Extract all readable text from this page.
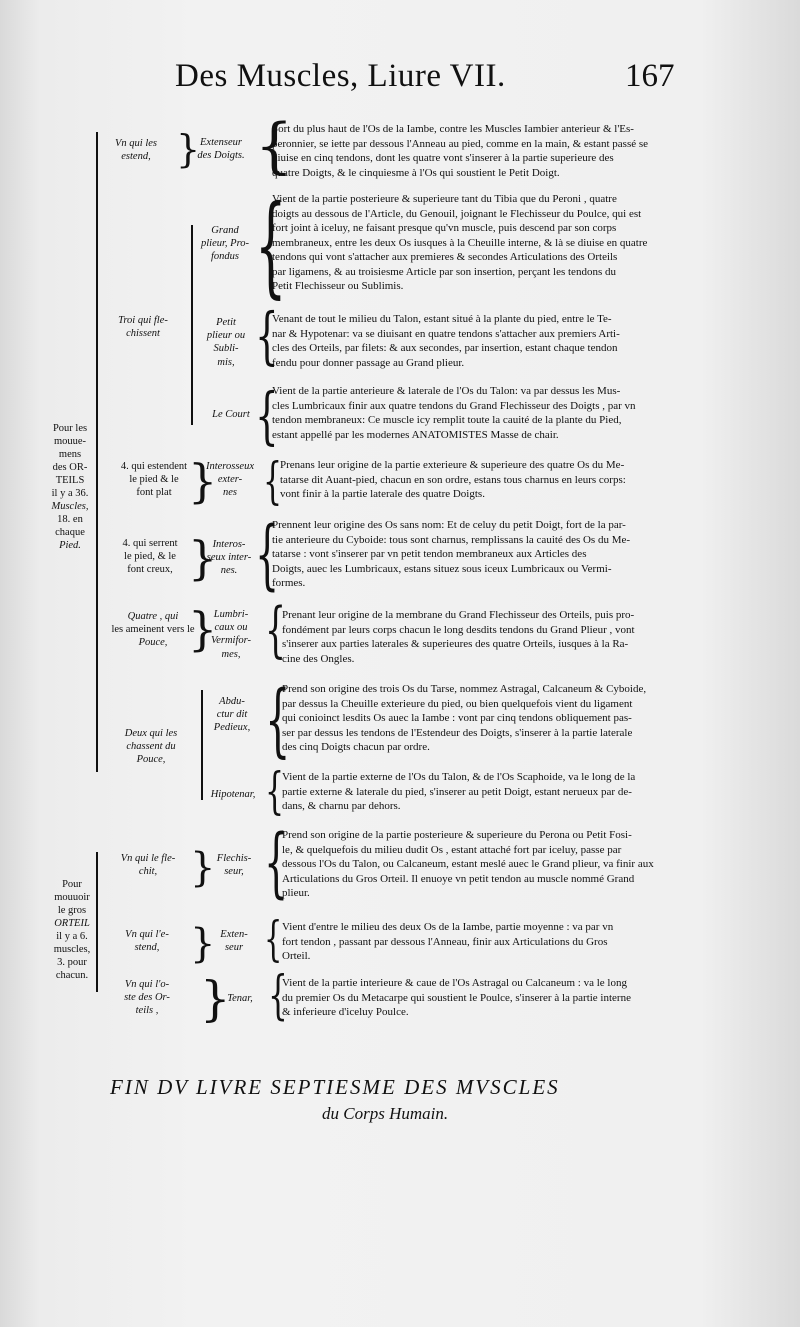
Des Muscles, Liure VII.	167
Pour les
mouue-
mens
des OR-
TEILS
il y a 36.
Muscles,
18. en
chaque
Pied.
Pour
mouuoir
le gros
ORTEIL
il y a 6.
muscles,
3. pour
chacun.
Vn qui les
estend,
Troi qui fle-
chissent
4. qui estendent
le pied & le
font plat
4. qui serrent
le pied, & le
font creux,
Quatre , qui
les ameinent vers le
Pouce,
Deux qui les
chassent du
Pouce,
Vn qui le fle-
chit,
Vn qui l'e-
stend,
Vn qui l'o-
ste des Or-
teils ,
Extenseur
des Doigts.
Grand
plieur, Pro-
fondus
Petit
plieur ou
Subli-
mis,
Le Court
Interosseux
exter-
nes
Interos-
seux inter-
nes.
Lumbri-
caux ou
Vermifor-
mes,
Abdu-
ctur dit
Pedieux,
Hipotenar,
Flechis-
seur,
Exten-
seur
Tenar,
} {
{
{
{
} {
} {
} {
{
{
} {
} {
} {
Sort du plus haut de l'Os de la Iambe, contre les Muscles Iambier anterieur & l'Es-
peronnier, se iette par dessous l'Anneau au pied, comme en la main, & estant passé se
diuise en cinq tendons, dont les quatre vont s'inserer à la partie superieure des
quatre Doigts, & le cinquiesme à l'Os qui soustient le Petit Doigt.
Vient de la partie posterieure & superieure tant du Tibia que du Peroni , quatre
doigts au dessous de l'Article, du Genouil, joignant le Flechisseur du Poulce, qui est
fort joint à iceluy, ne faisant presque qu'vn muscle, puis descend par son corps
membraneux, entre les deux Os iusques à la Cheuille interne, & là se diuise en quatre
tendons qui vont s'attacher aux premieres & secondes Articulations des Orteils
par ligamens, & au troisiesme Article par son insertion, perçant les tendons du
Petit Flechisseur ou Sublimis.
Venant de tout le milieu du Talon, estant situé à la plante du pied, entre le Te-
nar & Hypotenar: va se diuisant en quatre tendons s'attacher aux premiers Arti-
cles des Orteils, par filets: & aux secondes, par insertion, estant chaque tendon
fendu pour donner passage au Grand plieur.
Vient de la partie anterieure & laterale de l'Os du Talon: va par dessus les Mus-
cles Lumbricaux finir aux quatre tendons du Grand Flechisseur des Doigts , par vn
tendon membraneux: Ce muscle icy remplit toute la cauité de la plante du Pied,
estant appellé par les modernes ANATOMISTES Masse de chair.
Prenans leur origine de la partie exterieure & superieure des quatre Os du Me-
tatarse dit Auant-pied, chacun en son ordre, estans tous charnus en leurs corps:
vont finir à la partie laterale des quatre Doigts.
Prennent leur origine des Os sans nom: Et de celuy du petit Doigt, fort de la par-
tie anterieure du Cyboide: tous sont charnus, remplissans la cauité des Os du Me-
tatarse : vont s'inserer par vn petit tendon membraneux aux Articles des
Doigts, auec les Lumbricaux, estans situez sous iceux Lumbricaux ou Vermi-
formes.
Prenant leur origine de la membrane du Grand Flechisseur des Orteils, puis pro-
fondément par leurs corps chacun le long desdits tendons du Grand Plieur , vont
s'inserer aux parties laterales & superieures des quatre Orteils, iusques à la Ra-
cine des Ongles.
Prend son origine des trois Os du Tarse, nommez Astragal, Calcaneum & Cyboide,
par dessus la Cheuille exterieure du pied, ou bien quelquefois vient du ligament
qui conioinct lesdits Os auec la Iambe : vont par cinq tendons obliquement pas-
ser par dessus les tendons de l'Estendeur des Doigts, s'inserer à la partie laterale
des cinq Doigts chacun par ordre.
Vient de la partie externe de l'Os du Talon, & de l'Os Scaphoide, va le long de la
partie externe & laterale du pied, s'inserer au petit Doigt, estant nerueux par de-
dans, & charnu par dehors.
Prend son origine de la partie posterieure & superieure du Perona ou Petit Fosi-
le, & quelquefois du milieu dudit Os , estant attaché fort par iceluy, passe par
dessous l'Os du Talon, ou Calcaneum, estant meslé auec le Grand plieur, va finir aux
Articulations du Gros Orteil. Il enuoye vn petit tendon au muscle nommé Grand
plieur.
Vient d'entre le milieu des deux Os de la Iambe, partie moyenne : va par vn
fort tendon , passant par dessous l'Anneau, finir aux Articulations du Gros
Orteil.
Vient de la partie interieure & caue de l'Os Astragal ou Calcaneum : va le long
du premier Os du Metacarpe qui soustient le Poulce, s'inserer à la partie interne
& inferieure d'iceluy Poulce.
FIN DV LIVRE SEPTIESME DES MVSCLES
du Corps Humain.
